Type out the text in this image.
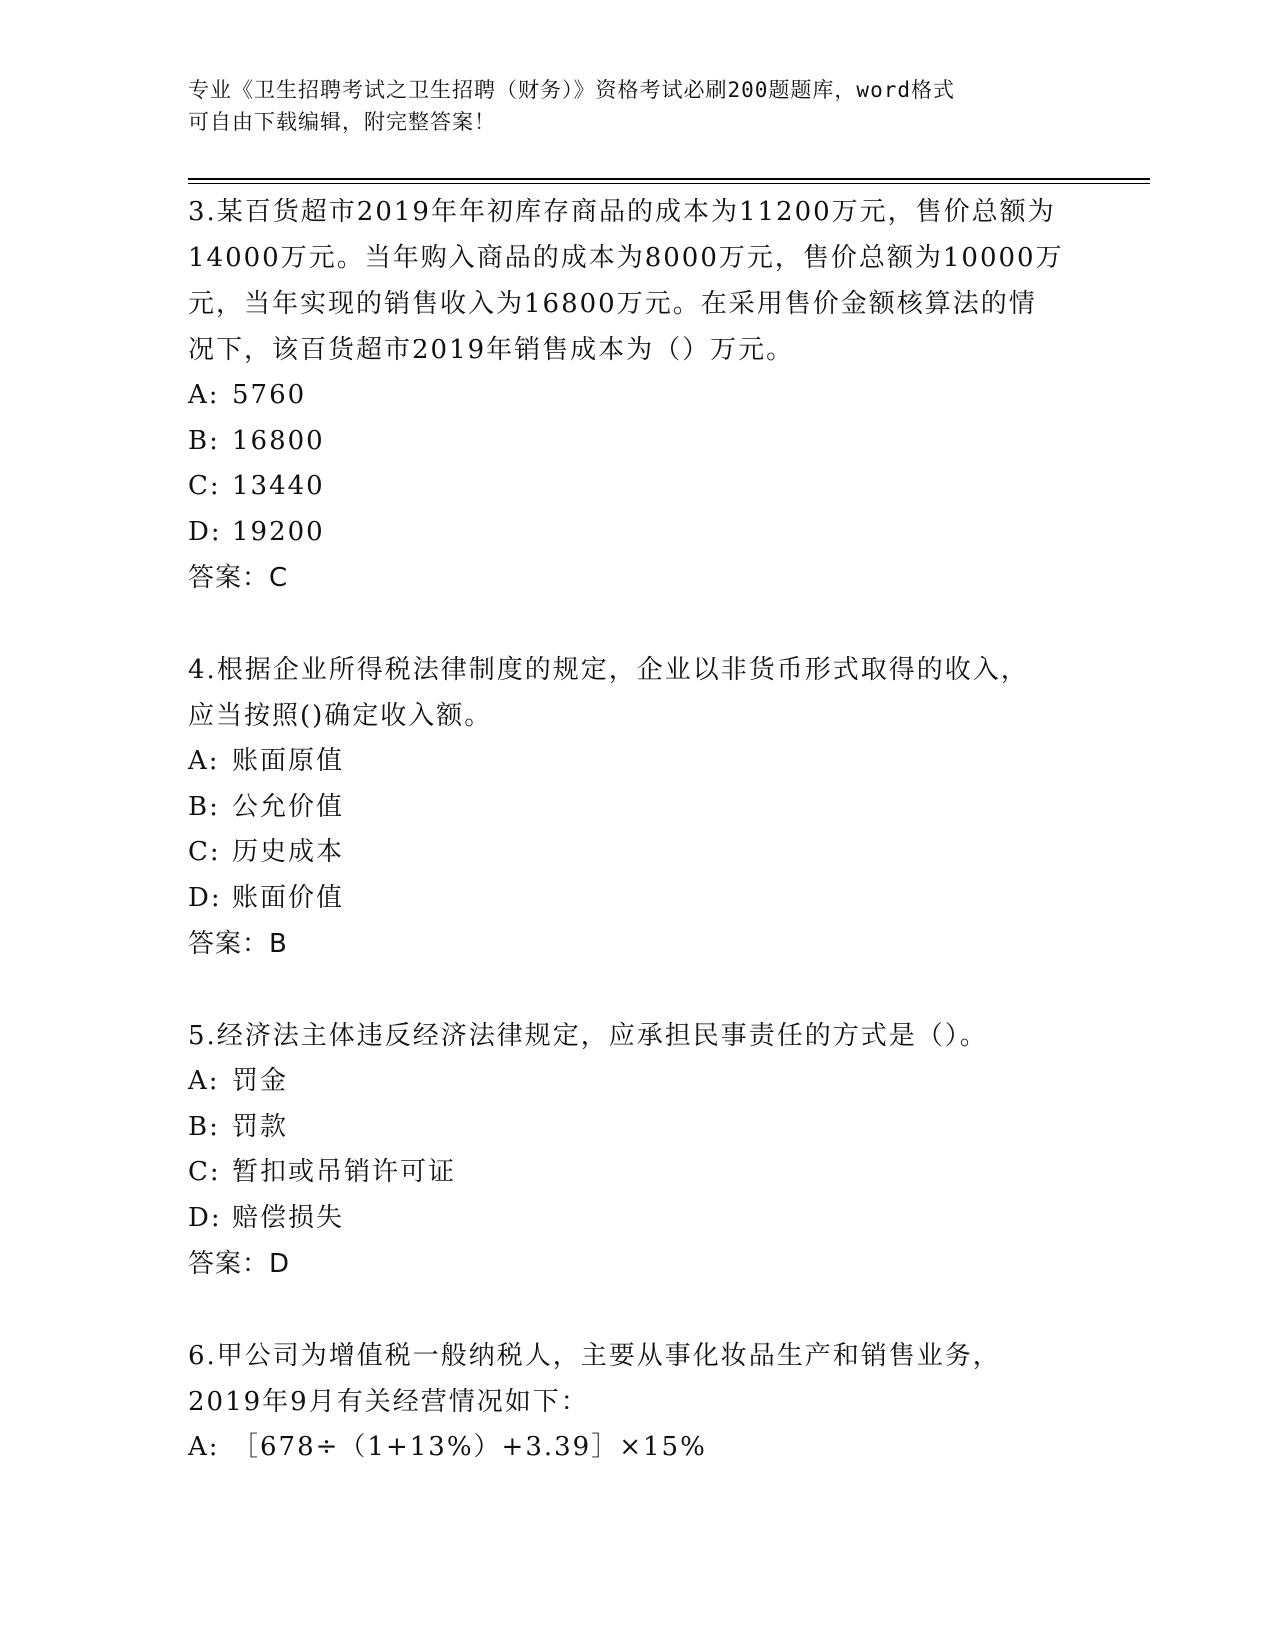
专业《卫生招聘考试之卫生招聘（财务）》资格考试必刷200题题库，word格式
可自由下载编辑，附完整答案！
3.某百货超市2019年年初库存商品的成本为11200万元，售价总额为
14000万元。当年购入商品的成本为8000万元，售价总额为10000万
元，当年实现的销售收入为16800万元。在采用售价金额核算法的情
况下，该百货超市2019年销售成本为（）万元。
A: 5760
B: 16800
C: 13440
D: 19200
答案：C
4.根据企业所得税法律制度的规定，企业以非货币形式取得的收入，
应当按照()确定收入额。
A: 账面原值
B: 公允价值
C: 历史成本
D: 账面价值
答案：B
5.经济法主体违反经济法律规定，应承担民事责任的方式是（）。
A: 罚金
B: 罚款
C: 暂扣或吊销许可证
D: 赔偿损失
答案：D
6.甲公司为增值税一般纳税人，主要从事化妆品生产和销售业务，
2019年9月有关经营情况如下：
A: ［678÷（1+13%）+3.39］×15%
